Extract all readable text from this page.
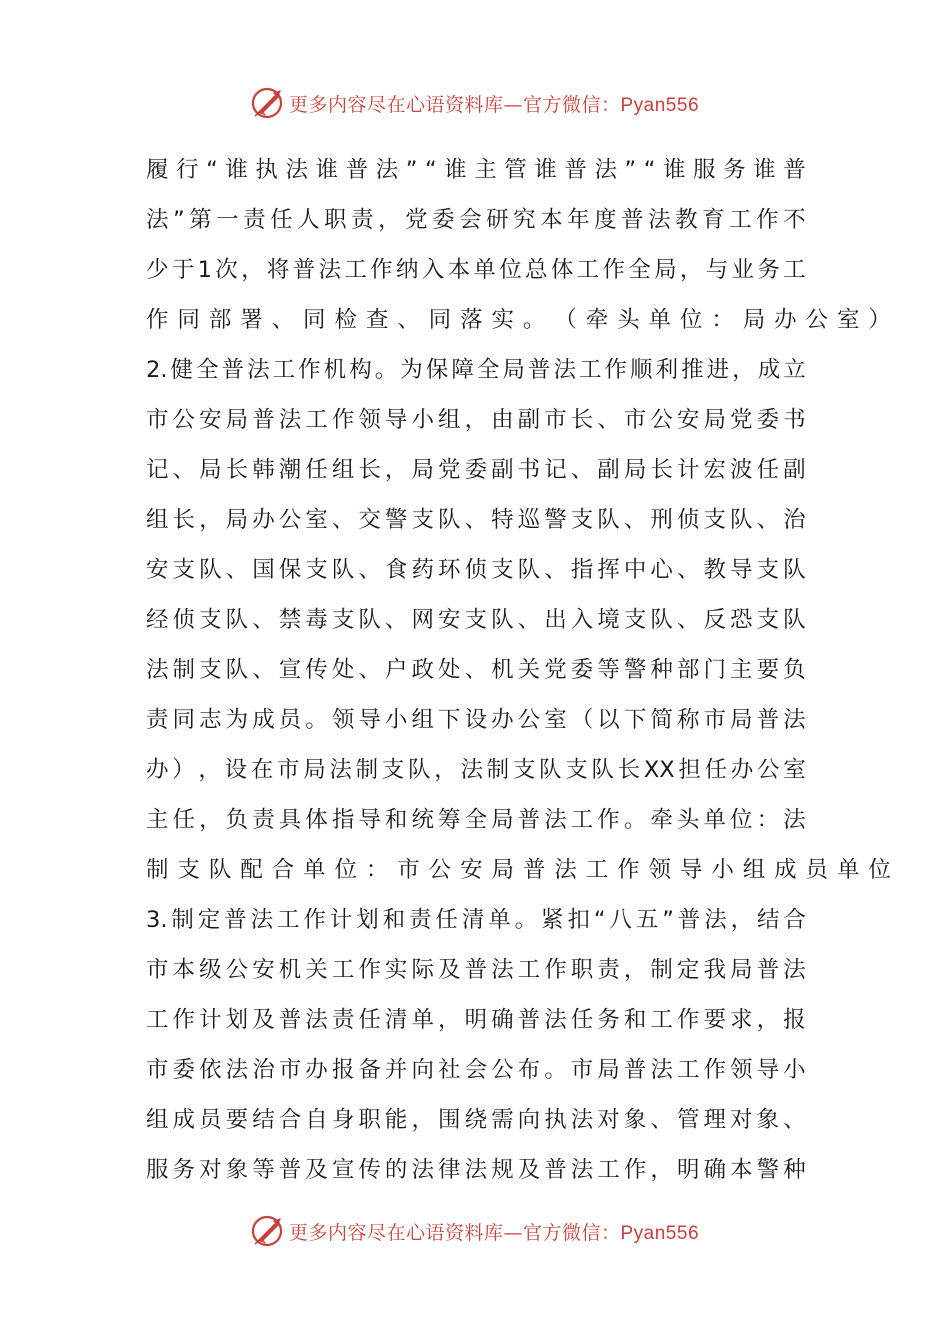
更多内容尽在心语资料库—官方微信：Pyan556
履 行 “ 谁 执 法 谁 普 法 ” “ 谁 主 管 谁 普 法 ” “ 谁 服 务 谁 普
法 ” 第 一 责 任 人 职 责 ， 党 委 会 研 究 本 年 度 普 法 教 育 工 作 不
少 于 1 次 ， 将 普 法 工 作 纳 入 本 单 位 总 体 工 作 全 局 ， 与 业 务 工
作 同 部 署 、 同 检 查 、 同 落 实 。 （ 牵 头 单 位 ： 局 办 公 室 ）
2. 健 全 普 法 工 作 机 构 。 为 保 障 全 局 普 法 工 作 顺 利 推 进 ， 成 立
市 公 安 局 普 法 工 作 领 导 小 组 ， 由 副 市 长 、 市 公 安 局 党 委 书
记 、 局 长 韩 潮 任 组 长 ， 局 党 委 副 书 记 、 副 局 长 计 宏 波 任 副
组 长 ， 局 办 公 室 、 交 警 支 队 、 特 巡 警 支 队 、 刑 侦 支 队 、 治
安 支 队 、 国 保 支 队 、 食 药 环 侦 支 队 、 指 挥 中 心 、 教 导 支 队
经 侦 支 队 、 禁 毒 支 队 、 网 安 支 队 、 出 入 境 支 队 、 反 恐 支 队
法 制 支 队 、 宣 传 处 、 户 政 处 、 机 关 党 委 等 警 种 部 门 主 要 负
责 同 志 为 成 员 。 领 导 小 组 下 设 办 公 室 （ 以 下 简 称 市 局 普 法
办 ） ， 设 在 市 局 法 制 支 队 ， 法 制 支 队 支 队 长 XX 担 任 办 公 室
主 任 ， 负 责 具 体 指 导 和 统 筹 全 局 普 法 工 作 。 牵 头 单 位 ： 法
制 支 队 配 合 单 位 ： 市 公 安 局 普 法 工 作 领 导 小 组 成 员 单 位
3. 制 定 普 法 工 作 计 划 和 责 任 清 单 。 紧 扣 “ 八 五 ” 普 法 ， 结 合
市 本 级 公 安 机 关 工 作 实 际 及 普 法 工 作 职 责 ， 制 定 我 局 普 法
工 作 计 划 及 普 法 责 任 清 单 ， 明 确 普 法 任 务 和 工 作 要 求 ， 报
市 委 依 法 治 市 办 报 备 并 向 社 会 公 布 。 市 局 普 法 工 作 领 导 小
组 成 员 要 结 合 自 身 职 能 ， 围 绕 需 向 执 法 对 象 、 管 理 对 象 、
服 务 对 象 等 普 及 宣 传 的 法 律 法 规 及 普 法 工 作 ， 明 确 本 警 种
更多内容尽在心语资料库—官方微信：Pyan556
